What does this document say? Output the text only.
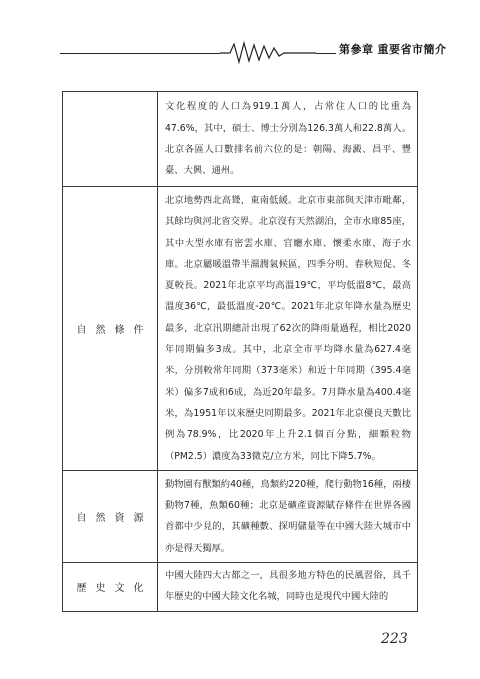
第參章 重要省市簡介

	文化程度的人口為919.1萬人，占常住人口的比重為47.6%，其中，碩士、博士分別為126.3萬人和22.8萬人。北京各區人口數排名前六位的是：朝陽、海澱、昌平、豐臺、大興、通州。

自然條件	北京地勢西北高聳，東南低緩。北京市東部與天津市毗鄰，其餘均與河北省交界。北京沒有天然湖泊，全市水庫85座，其中大型水庫有密雲水庫、官廳水庫、懷柔水庫、海子水庫。北京屬暖溫帶半濕潤氣候區，四季分明、春秋短促、冬夏較長。2021年北京平均高溫19℃，平均低溫8℃，最高溫度36℃，最低溫度-20℃。2021年北京年降水量為歷史最多，北京汛期總計出現了62次的降雨量過程，相比2020年同期偏多3成。其中，北京全市平均降水量為627.4毫米，分別較常年同期（373毫米）和近十年同期（395.4毫米）偏多7成和6成，為近20年最多。7月降水量為400.4毫米，為1951年以來歷史同期最多。2021年北京優良天數比例為78.9%，比2020年上升2.1個百分點，細顆粒物（PM2.5）濃度為33微克/立方米，同比下降5.7%。

自然資源	動物園有獸類約40種，鳥類約220種，爬行動物16種，兩棲動物7種，魚類60種；北京是礦產資源賦存條件在世界各國首都中少見的，其礦種數、探明儲量等在中國大陸大城市中亦是得天獨厚。

歷史文化	中國大陸四大古都之一，具很多地方特色的民風習俗，具千年歷史的中國大陸文化名城，同時也是現代中國大陸的

223
